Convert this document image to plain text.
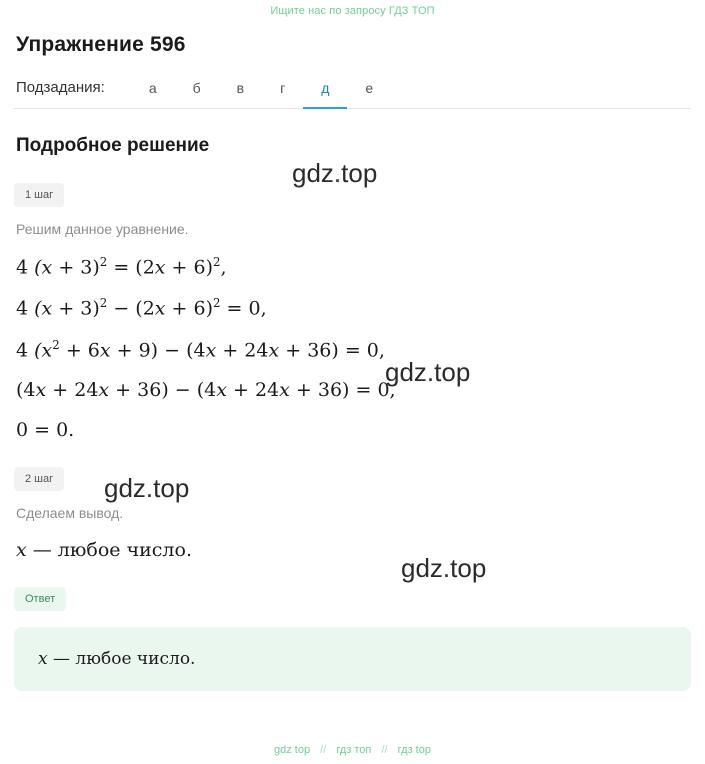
Ищите нас по запросу ГДЗ ТОП
Упражнение 596
Подзадания:	а	б	в	г	д	е
Подробное решение
1 шаг
Решим данное уравнение.
4 $(x + 3)^2 = (2x + 6)^2$,
4 $(x + 3)^2 - (2x + 6)^2 = 0$,
4 $(x^2 + 6x + 9) - (4x + 24x + 36) = 0$,
(4x + 24x + 36) − (4x + 24x + 36) = 0,
0 = 0.
2 шаг
Сделаем вывод.
x — любое число.
Ответ
x — любое число.
gdz.top
gdz.top
gdz.top
gdz.top
gdz top // гдз топ // гдз top
